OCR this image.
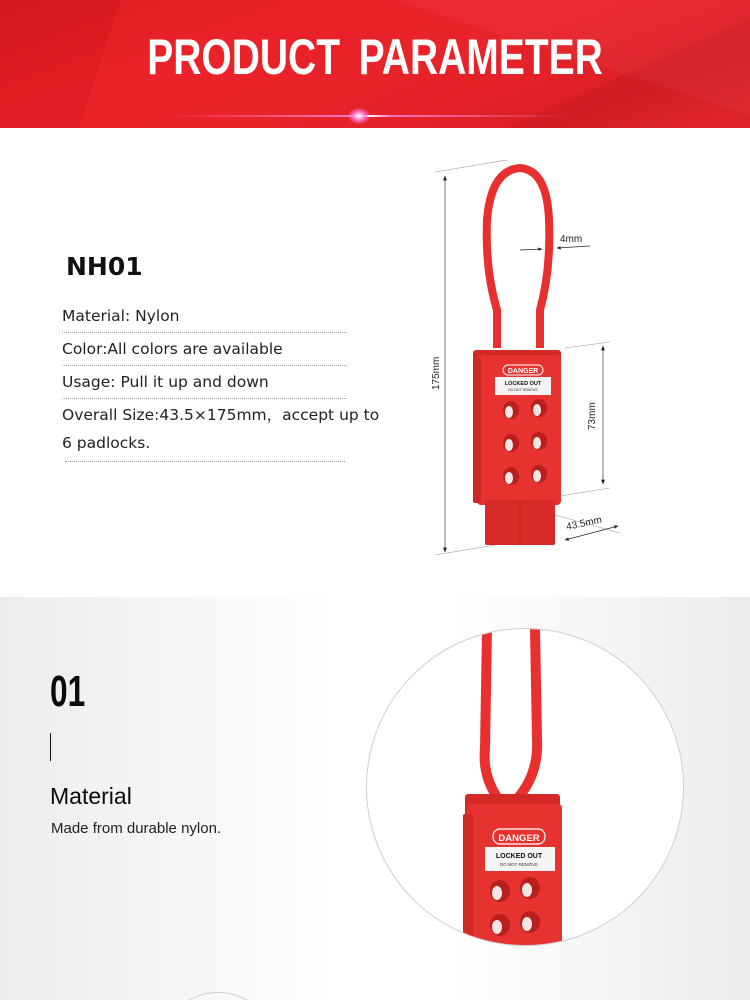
PRODUCT PARAMETER
NH01
Material: Nylon
Color:All colors are available
Usage: Pull it up and down
Overall Size:43.5×175mm，accept up to 6 padlocks.
DANGER
LOCKED OUT
DO NOT REMOVE
4mm
73mm
175mm
43.5mm
01
Material
Made from durable nylon.
DANGER
LOCKED OUT
DO NOT REMOVE
